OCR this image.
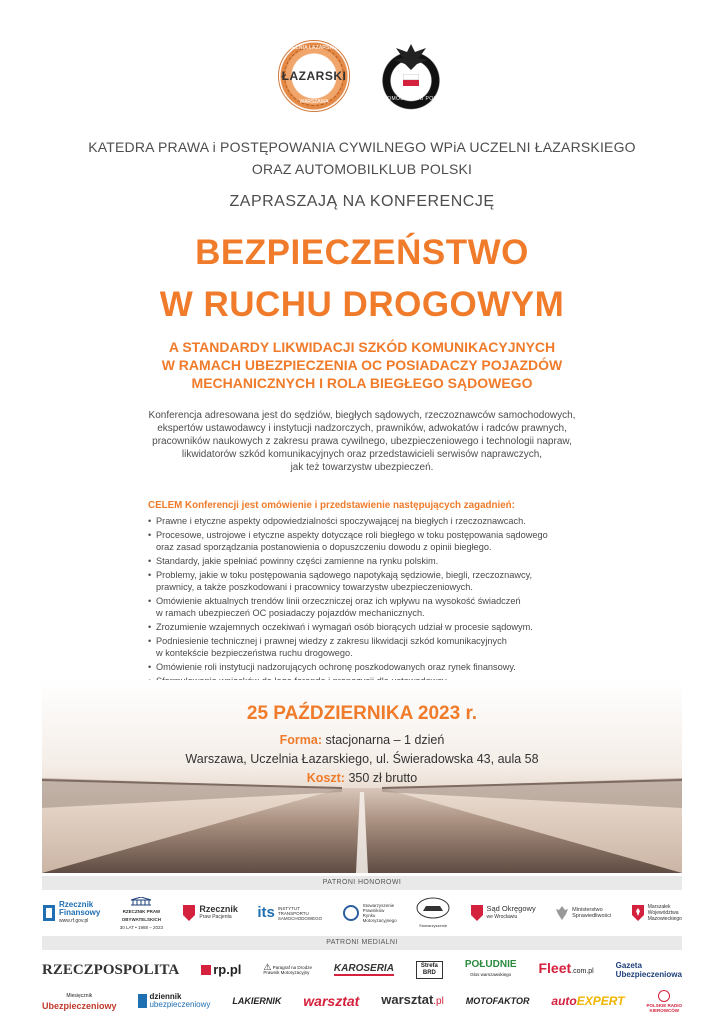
UCZELNIA ŁAZARSKIEGO
ŁAZARSKI
WARSZAWA	AUTOMOBILKLUB POLSKI
KATEDRA PRAWA i POSTĘPOWANIA CYWILNEGO WPiA UCZELNI ŁAZARSKIEGO
ORAZ AUTOMOBILKLUB POLSKI
ZAPRASZAJĄ NA KONFERENCJĘ
BEZPIECZEŃSTWO
W RUCHU DROGOWYM
A STANDARDY LIKWIDACJI SZKÓD KOMUNIKACYJNYCH
W RAMACH UBEZPIECZENIA OC POSIADACZY POJAZDÓW
MECHANICZNYCH I ROLA BIEGŁEGO SĄDOWEGO
Konferencja adresowana jest do sędziów, biegłych sądowych, rzeczoznawców samochodowych,
ekspertów ustawodawcy i instytucji nadzorczych, prawników, adwokatów i radców prawnych,
pracowników naukowych z zakresu prawa cywilnego, ubezpieczeniowego i technologii napraw,
likwidatorów szkód komunikacyjnych oraz przedstawicieli serwisów naprawczych,
jak też towarzystw ubezpieczeń.
CELEM Konferencji jest omówienie i przedstawienie następujących zagadnień:
• Prawne i etyczne aspekty odpowiedzialności spoczywającej na biegłych i rzeczoznawcach.
• Procesowe, ustrojowe i etyczne aspekty dotyczące roli biegłego w toku postępowania sądowego
oraz zasad sporządzania postanowienia o dopuszczeniu dowodu z opinii biegłego.
• Standardy, jakie spełniać powinny części zamienne na rynku polskim.
• Problemy, jakie w toku postępowania sądowego napotykają sędziowie, biegli, rzeczoznawcy,
prawnicy, a także poszkodowani i pracownicy towarzystw ubezpieczeniowych.
• Omówienie aktualnych trendów linii orzeczniczej oraz ich wpływu na wysokość świadczeń
w ramach ubezpieczeń OC posiadaczy pojazdów mechanicznych.
• Zrozumienie wzajemnych oczekiwań i wymagań osób biorących udział w procesie sądowym.
• Podniesienie technicznej i prawnej wiedzy z zakresu likwidacji szkód komunikacyjnych
w kontekście bezpieczeństwa ruchu drogowego.
• Omówienie roli instytucji nadzorujących ochronę poszkodowanych oraz rynek finansowy.
•
25 PAŹDZIERNIKA 2023 r.
Forma: stacjonarna – 1 dzień
Warszawa, Uczelnia Łazarskiego, ul. Świeradowska 43, aula 58
Koszt: 350 zł brutto
PATRONI HONOROWI
Rzecznik
Finansowy
www.rf.gov.pl
RZECZNIK PRAW
OBYWATELSKICH
30 LAT • 1988 – 2023
Rzecznik
Praw Pacjenta	its INSTYTUT
TRANSPORTU
SAMOCHODOWEGO
Stowarzyszenie
Prawników
Rynku
Motoryzacyjnego
Stowarzyszenie
Sąd Okręgowy
we Wrocławiu
Ministerstwo
Sprawiedliwości
Marszałek
Województwa
Mazowieckiego
PATRONI MEDIALNI
RZECZPOSPOLITA	rp.pl ⚠ Paragraf na Drodze
Prawnik Motoryzacyjny KAROSERIA	Strefa
BRD
POŁUDNIE
Głos warszawskiego	Fleet.com.pl
Gazeta
Ubezpieczeniowa
Miesięcznik
Ubezpieczeniowy
dziennik
ubezpieczeniowy LAKIERNIK warsztat warsztat.pl MOTOFAKTOR autoEXPERT	POLSKIE RADIO
KIEROWCÓW
